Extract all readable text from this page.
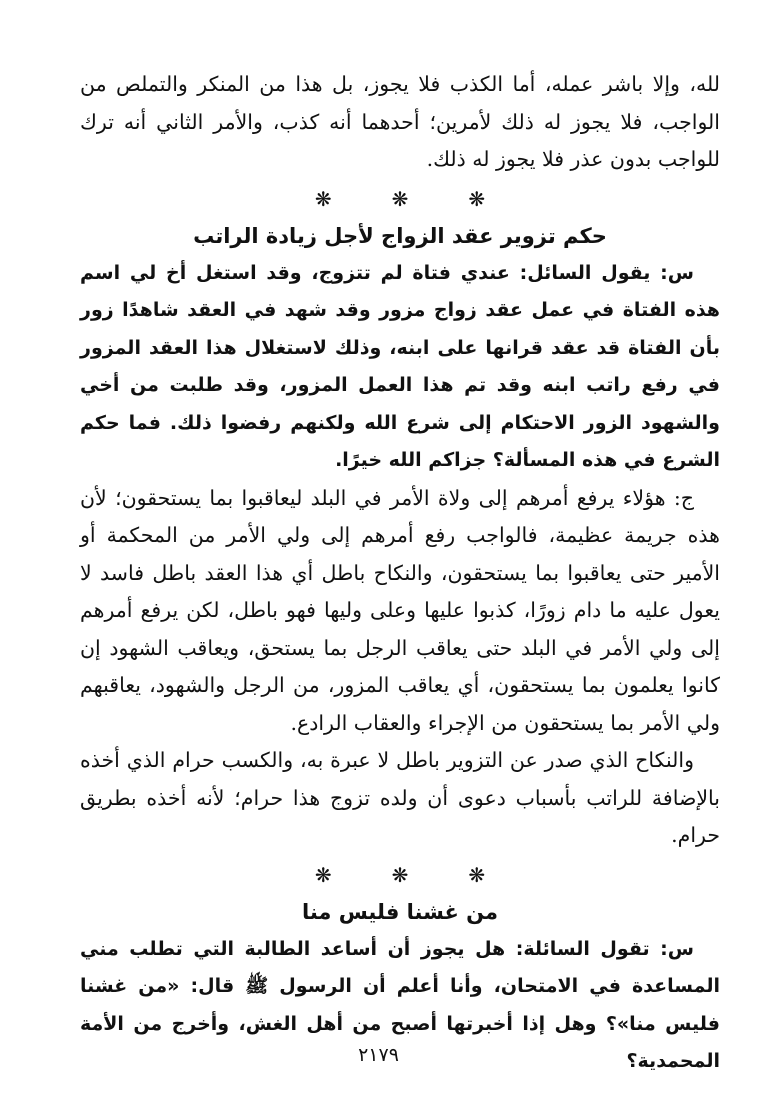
لله، وإلا باشر عمله، أما الكذب فلا يجوز، بل هذا من المنكر والتملص من الواجب، فلا يجوز له ذلك لأمرين؛ أحدهما أنه كذب، والأمر الثاني أنه ترك للواجب بدون عذر فلا يجوز له ذلك.

❋❋❋
حكم تزوير عقد الزواج لأجل زيادة الراتب

س: يقول السائل: عندي فتاة لم تتزوج، وقد استغل أخ لي اسم هذه الفتاة في عمل عقد زواج مزور وقد شهد في العقد شاهدًا زور بأن الفتاة قد عقد قرانها على ابنه، وذلك لاستغلال هذا العقد المزور في رفع راتب ابنه وقد تم هذا العمل المزور، وقد طلبت من أخي والشهود الزور الاحتكام إلى شرع الله ولكنهم رفضوا ذلك. فما حكم الشرع في هذه المسألة؟ جزاكم الله خيرًا.

ج: هؤلاء يرفع أمرهم إلى ولاة الأمر في البلد ليعاقبوا بما يستحقون؛ لأن هذه جريمة عظيمة، فالواجب رفع أمرهم إلى ولي الأمر من المحكمة أو الأمير حتى يعاقبوا بما يستحقون، والنكاح باطل أي هذا العقد باطل فاسد لا يعول عليه ما دام زورًا، كذبوا عليها وعلى وليها فهو باطل، لكن يرفع أمرهم إلى ولي الأمر في البلد حتى يعاقب الرجل بما يستحق، ويعاقب الشهود إن كانوا يعلمون بما يستحقون، أي يعاقب المزور، من الرجل والشهود، يعاقبهم ولي الأمر بما يستحقون من الإجراء والعقاب الرادع.

والنكاح الذي صدر عن التزوير باطل لا عبرة به، والكسب حرام الذي أخذه بالإضافة للراتب بأسباب دعوى أن ولده تزوج هذا حرام؛ لأنه أخذه بطريق حرام.

❋❋❋
من غشنا فليس منا

س: تقول السائلة: هل يجوز أن أساعد الطالبة التي تطلب مني المساعدة في الامتحان، وأنا أعلم أن الرسول ﷺ قال: «من غشنا فليس منا»؟ وهل إذا أخبرتها أصبح من أهل الغش، وأخرج من الأمة المحمدية؟

٢١٧٩
